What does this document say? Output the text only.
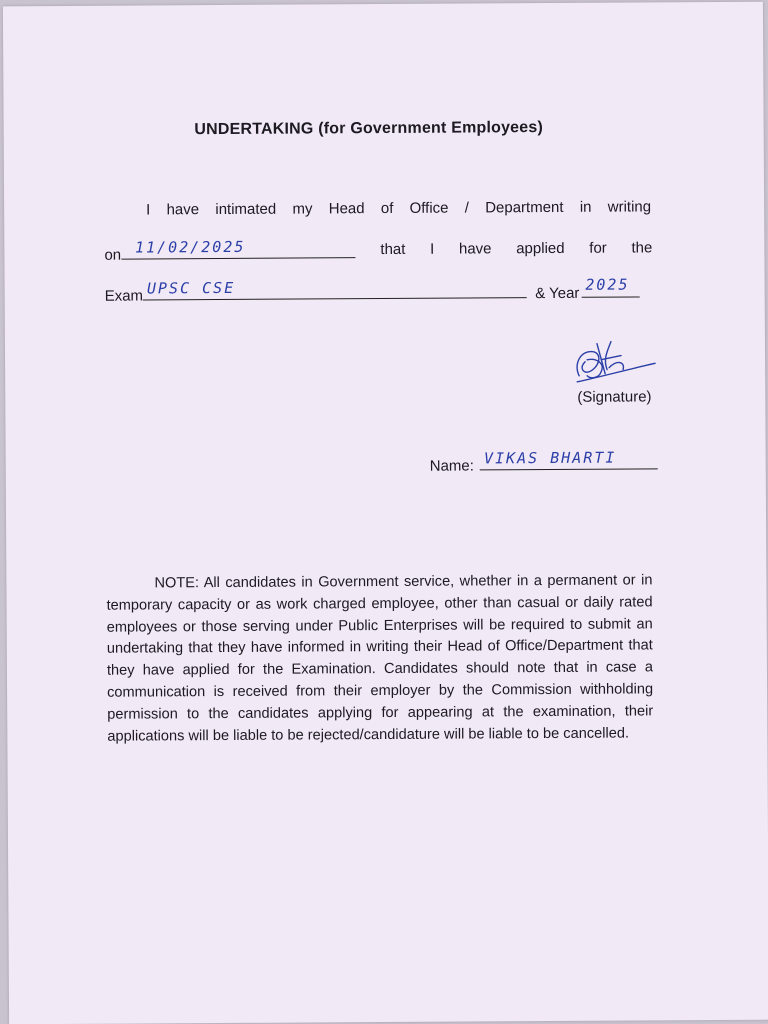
UNDERTAKING (for Government Employees)
I have intimated my Head of Office / Department in writing
on 11/02/2025	that I have applied for the
Exam UPSC CSE	& Year 2025
(Signature)
Name: VIKAS BHARTI
NOTE: All candidates in Government service, whether in a permanent or in temporary capacity or as work charged employee, other than casual or daily rated employees or those serving under Public Enterprises will be required to submit an undertaking that they have informed in writing their Head of Office/Department that they have applied for the Examination. Candidates should note that in case a communication is received from their employer by the Commission withholding permission to the candidates applying for appearing at the examination, their applications will be liable to be rejected/candidature will be liable to be cancelled.
